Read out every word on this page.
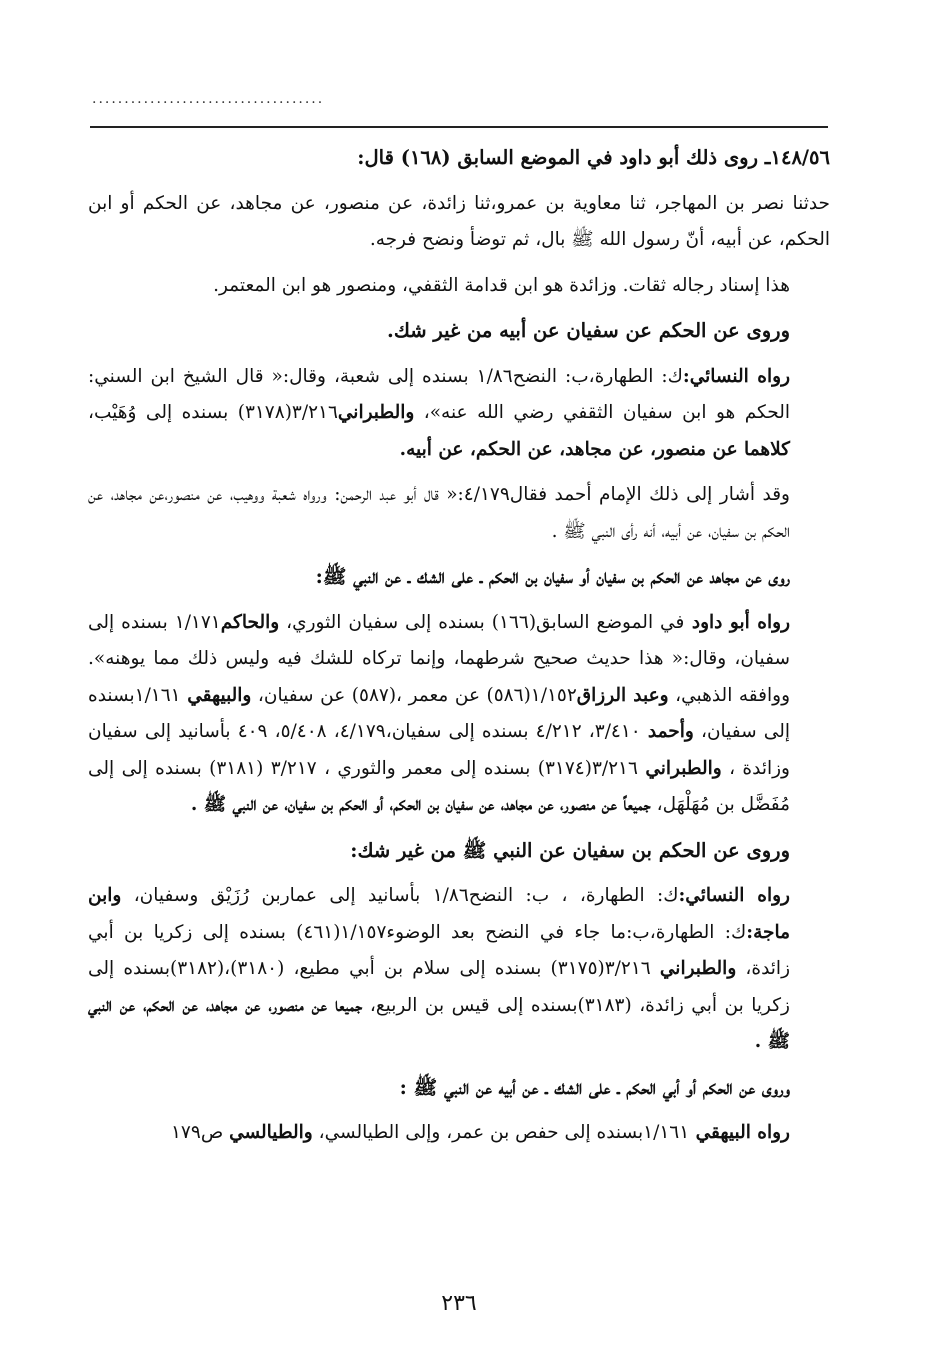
....................................

١٤٨/٥٦ـ روى ذلك أبو داود في الموضع السابق (١٦٨) قال:

حدثنا نصر بن المهاجر، ثنا معاوية بن عمرو،ثنا زائدة، عن منصور، عن مجاهد، عن الحكم أو ابن الحكم، عن أبيه، أنّ رسول الله ﷺ بال، ثم توضأ ونضح فرجه.

هذا إسناد رجاله ثقات. وزائدة هو ابن قدامة الثقفي، ومنصور هو ابن المعتمر.

وروى عن الحكم عن سفيان عن أبيه من غير شك.

رواه النسائي:ك: الطهارة،ب: النضح١/٨٦ بسنده إلى شعبة، وقال:« قال الشيخ ابن السني: الحكم هو ابن سفيان الثقفي رضي الله عنه»، والطبراني٣/٢١٦(٣١٧٨) بسنده إلى وُهَيْب، كلاهما عن منصور، عن مجاهد، عن الحكم، عن أبيه.

وقد أشار إلى ذلك الإمام أحمد فقال٤/١٧٩:« قال أبو عبد الرحمن: ورواه شعبة ووهيب، عن منصور،عن مجاهد، عن الحكم بن سفيان، عن أبيه، أنه رأى النبي ﷺ .

روى عن مجاهد عن الحكم بن سفيان أو سفيان بن الحكم ـ على الشك ـ عن النبي ﷺ:

رواه أبو داود في الموضع السابق(١٦٦) بسنده إلى سفيان الثوري، والحاكم١/١٧١ بسنده إلى سفيان، وقال:« هذا حديث صحيح شرطهما، وإنما تركاه للشك فيه وليس ذلك مما يوهنه». ووافقه الذهبي، وعبد الرزاق١/١٥٢(٥٨٦) عن معمر ،(٥٨٧) عن سفيان، والبيهقي ١/١٦١بسنده إلى سفيان، وأحمد ٣/٤١٠، ٤/٢١٢ بسنده إلى سفيان،٤/١٧٩، ٥/٤٠٨، ٤٠٩ بأسانيد إلى سفيان وزائدة ، والطبراني ٣/٢١٦(٣١٧٤) بسنده إلى معمر والثوري ، ٣/٢١٧ (٣١٨١) بسنده إلى إلى مُفَضَّل بن مُهَلْهَل، جميعاً عن منصور، عن مجاهد، عن سفيان بن الحكم، أو الحكم بن سفيان، عن النبي ﷺ .

وروى عن الحكم بن سفيان عن النبي ﷺ من غير شك:

رواه النسائي:ك: الطهارة، ، ب: النضح١/٨٦ بأسانيد إلى عماربن رُزَيْق وسفيان، وابن ماجة:ك: الطهارة،ب:ما جاء في النضح بعد الوضوء١/١٥٧(٤٦١) بسنده إلى زكريا بن أبي زائدة، والطبراني ٣/٢١٦(٣١٧٥) بسنده إلى سلام بن أبي مطيع، (٣١٨٠)،(٣١٨٢)بسنده إلى زكريا بن أبي زائدة، (٣١٨٣)بسنده إلى قيس بن الربيع، جميعا عن منصور، عن مجاهد، عن الحكم، عن النبي ﷺ .

وروى عن الحكم أو أبي الحكم ـ على الشك ـ عن أبيه عن النبي ﷺ :

رواه البيهقي ١/١٦١بسنده إلى حفص بن عمر، وإلى الطيالسي، والطيالسي ص١٧٩

٢٣٦
